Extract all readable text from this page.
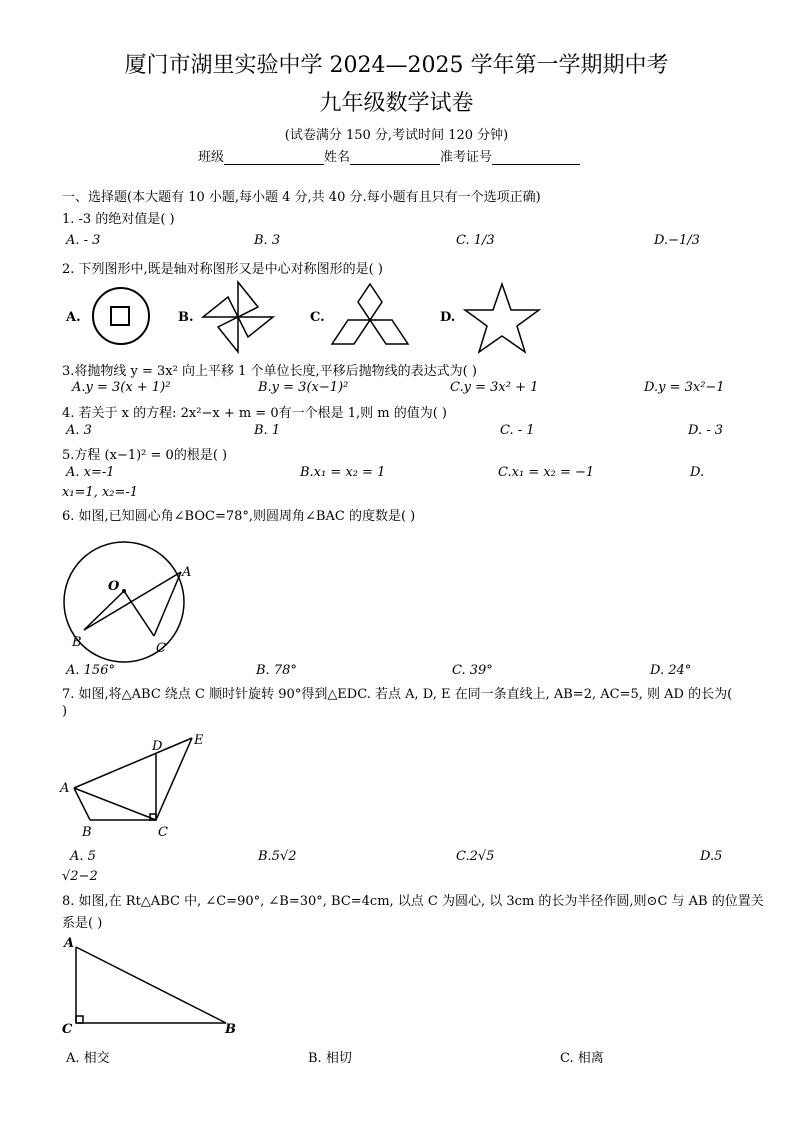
厦门市湖里实验中学 2024—2025 学年第一学期期中考
九年级数学试卷
(试卷满分 150 分,考试时间 120 分钟)
班级	姓名	准考证号
一、选择题(本大题有 10 小题,每小题 4 分,共 40 分.每小题有且只有一个选项正确)
1. -3 的绝对值是( )
A. - 3	B. 3	C. 1/3	D.−1/3
2. 下列图形中,既是轴对称图形又是中心对称图形的是( )
A.	B.	C.	D.
3.将抛物线 y = 3x² 向上平移 1 个单位长度,平移后抛物线的表达式为( )
A.y = 3(x + 1)²	B.y = 3(x−1)²	C.y = 3x² + 1	D.y = 3x²−1
4. 若关于 x 的方程: 2x²−x + m = 0有一个根是 1,则 m 的值为( )
A. 3	B. 1	C. - 1	D. - 3
5.方程 (x−1)² = 0的根是( )
A. x=-1	B.x₁ = x₂ = 1	C.x₁ = x₂ = −1	D.
x₁=1, x₂=-1
6. 如图,已知圆心角∠BOC=78°,则圆周角∠BAC 的度数是( )
O
A
B	C
A. 156°	B. 78°	C. 39°	D. 24°
7. 如图,将△ABC 绕点 C 顺时针旋转 90°得到△EDC. 若点 A, D, E 在同一条直线上, AB=2, AC=5, 则 AD 的长为(
)
A
B	C
D E
A. 5	B.5√2	C.2√5	D.5
√2−2
8. 如图,在 Rt△ABC 中, ∠C=90°, ∠B=30°, BC=4cm, 以点 C 为圆心, 以 3cm 的长为半径作圆,则⊙C 与 AB 的位置关
系是( )
A
C	B
A. 相交	B. 相切	C. 相离
